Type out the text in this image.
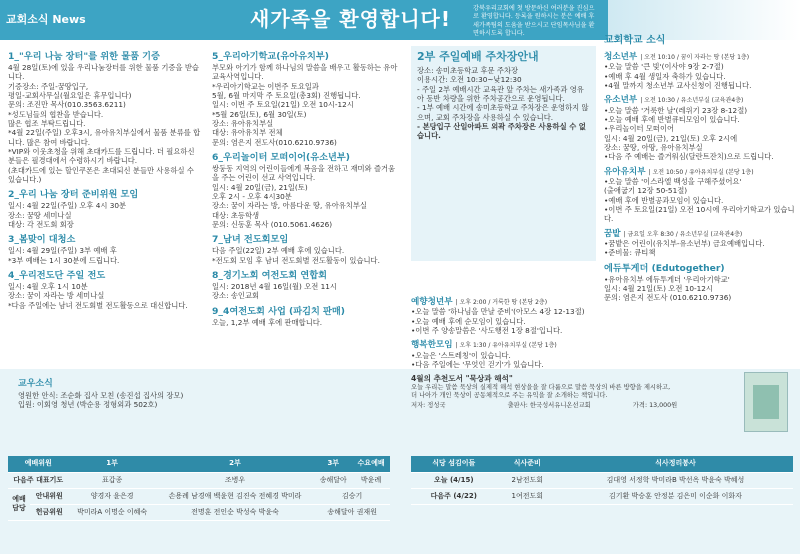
교회소식 News	새가족을 환영합니다!	강북우리교회에 첫 방문하신 여러분을 진심으로 환영합니다. 등록을 원하시는 분은 예배 후 새가족팀의 도움을 받으시고 단임목사님을 환 면하시도록 합니다.
1_"우리 나눔 장터"를 위한 물품 기증
4월 28일(토)에 있을 우리나눔장터를 위한 물품 기증을 받습니다.
기증장소: 주일-꿈땅입구,
평일-교회사무실(월요일은 휴무입니다)
문의: 조진만 목사(010.3563.6211)
*성도님들의 협찬을 받습니다.
많은 협조 부탁드립니다.
*4월 22일(주일) 오후3시, 유아유치부실에서 물품 분류를 합니다. 많은 참여 바랍니다.
*VIP와 이웃초청을 위해 초대카드를 드립니다. 더 필요하신 분들은 필경대에서 수령하시기 바랍니다.
(초대카드에 있는 할인쿠폰은 초대되신 분들만 사용하실 수 있습니다.)
2_우리 나눔 장터 준비위원 모임
일시: 4월 22일(주일) 오후 4시 30분
장소: 꿈땅 세미나실
대상: 각 전도회 회장
3_봄맞이 대청소
일시: 4월 29일(주일) 3부 예배 후
*3부 예배는 1시 30분에 드립니다.
4_우리전도단 주일 전도
일시: 4월 오후 1시 10분
장소: 꿈이 자라는 방 세미나실
*다음 주일에는 남녀 전도회별 전도활동으로 대신합니다.
5_우리아기학교(유아유치부)
부모와 아기가 함께 하나님의 말씀을 배우고 활동하는 유아교육사역입니다.
*우리아기학교는 이번주 토요일과
5월, 6월 마지막 주 토요일(총3회) 진행됩니다.
일시: 이번 주 토요일(21일) 오전 10시-12시
*5월 26일(토), 6월 30일(토)
장소: 유아유치부실
대상: 유아유치부 전체
문의: 염은지 전도사(010.6210.9736)
6_우리놀이터 모떠이어(유소년부)
쌍둥동 지역의 어린이들에게 복음을 전하고 재미와 즐거움을 주는 어린이 선교 사역입니다.
일시: 4월 20일(금), 21일(토)
오후 2시 - 오후 4시30분
장소: 꿈이 자라는 방, 아름다운 땅, 유아유치부실
대상: 초등학생
문의: 신동훈 목사 (010.5061.4626)
7_남녀 전도회모임
다음 주일(22일) 2부 예배 후에 있습니다.
*전도회 모임 후 남녀 전도회별 전도활동이 있습니다.
8_경기노회 여전도회 연합회
일시: 2018년 4월 16일(월) 오전 11시
장소: 송인교회
9_4여전도회 사업 (파김치 판매)
오늘, 1,2부 예배 후에 판매합니다.
2부 주일예배 주차장안내
장소: 송미초등학교 후문 주차장
이용시간: 오전 10:30~낮12:30
- 주일 2부 예배시간 교육관 앞 주차는 새가족과 영유아 동반 차량을 위한 주차공간으로 운영됩니다.
- 1부 예배 시간에 송미초등학교 주차장은 운영하지 않으며, 교회 주차장을 사용하실 수 있습니다.
- 본당입구 산일아파트 외곽 주차장은 사용하실 수 없습니다.
예향청년부 | 오후 2:00 / 거룩한 땅 (본당 2층)
•오늘 말씀 '하나님을 만날 준비'(아모스 4장 12-13절)
•오늘 예배 후에 순모임이 있습니다.
•이번 주 양송말씀은 '사도행전 1장 8절'입니다.
행복한모임 | 오후 1:30 / 유아유치부실 (본당 1층)
•오늘은 '스트레칭'이 있습니다.
•다음 주일에는 '무엇인 걷기'가 있습니다.
교회학교 소식
청소년부 | 오전 10:10 / 꿈이 자라는 땅 (본당 1층)
•오늘 말씀 '큰 빛'(이사야 9장 2-7절)
•예배 후 4월 생일자 축하가 있습니다.
•4월 말까지 청소년부 교사신청이 진행됩니다.
유소년부 | 오전 10:30 / 유소년부실 (교육관4층)
•오늘 말씀 '거룩한 날'(레위기 23장 8-12절)
•오늘 예배 후에 반별큐티모임이 있습니다.
•우리놀이터 모떠이어
일시: 4월 20일(금), 21일(토) 오후 2시에
장소: 꿈땅, 아땅, 유아유치부실
•다음 주 예배는 즐거워심(달란트잔치)으로 드립니다.
유아유치부 | 오전 10:50 / 유아유치부실 (본당 1층)
•오늘 말씀 '이스라엘 백성을 구해주셨어요'
(출애굽기 12장 50-51절)
•예배 후에 반별공과모임이 있습니다.
•이번 주 토요일(21일) 오전 10시에 우리아기학교가 있습니다.
꿈밭 | 금요일 오후 8:30 / 유소년부실 (교육관4층)
•꿈밭은 어린이(유치부-유소년부) 금요예배입니다.
•준비물: 큐티책
에듀투게더 (Edutogether)
•유아유치부 에듀투게더 '우리아기학교'
일시: 4월 21일(토) 오전 10-12시
문의: 염은지 전도사 (010.6210.9736)
교우소식
영원한 안식: 조순화 집사 모친 (송진섭 집사의 장모)
입원: 이회영 청년 (박순용 정형외과 502호)
4월의 추천도서 "묵상과 해석"
오늘 우리는 말씀 묵상의 실제적 해석 현상을을 잘 다룹으로 말씀 묵상의 바른 방향을 제시하고,
더 나아가 개인 묵상이 공동체적으로 주는 유익을 잘 소개하는 책입니다.
저자: 정성국	출판사: 한국성서유니온선교회	가격: 13,000원
예배위원		1부	2부	3부	수요예배
다음주 대표기도		표갑종	조병우	송해달아	박윤례
예배 담당	안내위원	양경자 윤은경	손용례 남경애 백윤현 김진숙 전혜경 박미라	김승기	
	헌금위원	박미라A 이명순 이혜숙	전명훈 전인순 박성숙 박윤숙	송해달아 권재원	
식당 섬김이들	식사준비	식사정리봉사
오늘 (4/15)	2남전도회	김대영 서정학 박미라B 박선옥 박윤숙 박혜성
다음주 (4/22)	1여전도회	김기환 박승훈 안정분 김은미 이순화 이화자
